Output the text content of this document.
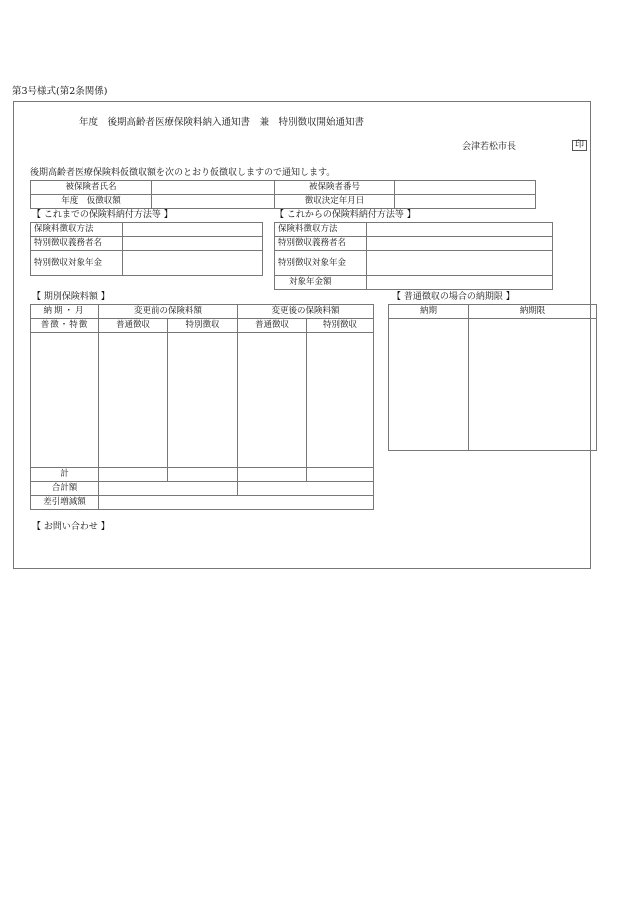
第3号様式(第2条関係)
年度　後期高齢者医療保険料納入通知書　兼　特別徴収開始通知書
会津若松市長	印
後期高齢者医療保険料仮徴収額を次のとおり仮徴収しますので通知します。
被保険者氏名		被保険者番号	
年度　仮徴収額		徴収決定年月日	
【 これまでの保険料納付方法等 】
保険料徴収方法	
特別徴収義務者名	
特別徴収対象年金	
【 これからの保険料納付方法等 】
保険料徴収方法	
特別徴収義務者名	
特別徴収対象年金	
対象年金額	
【 期別保険料額 】
納期・月	変更前の保険料額		変更後の保険料額	
普徴・特徴	普通徴収	特別徴収	普通徴収	特別徴収

計				
合計額				
差引増減額				
【 普通徴収の場合の納期限 】
納期	納期限

【 お問い合わせ 】
